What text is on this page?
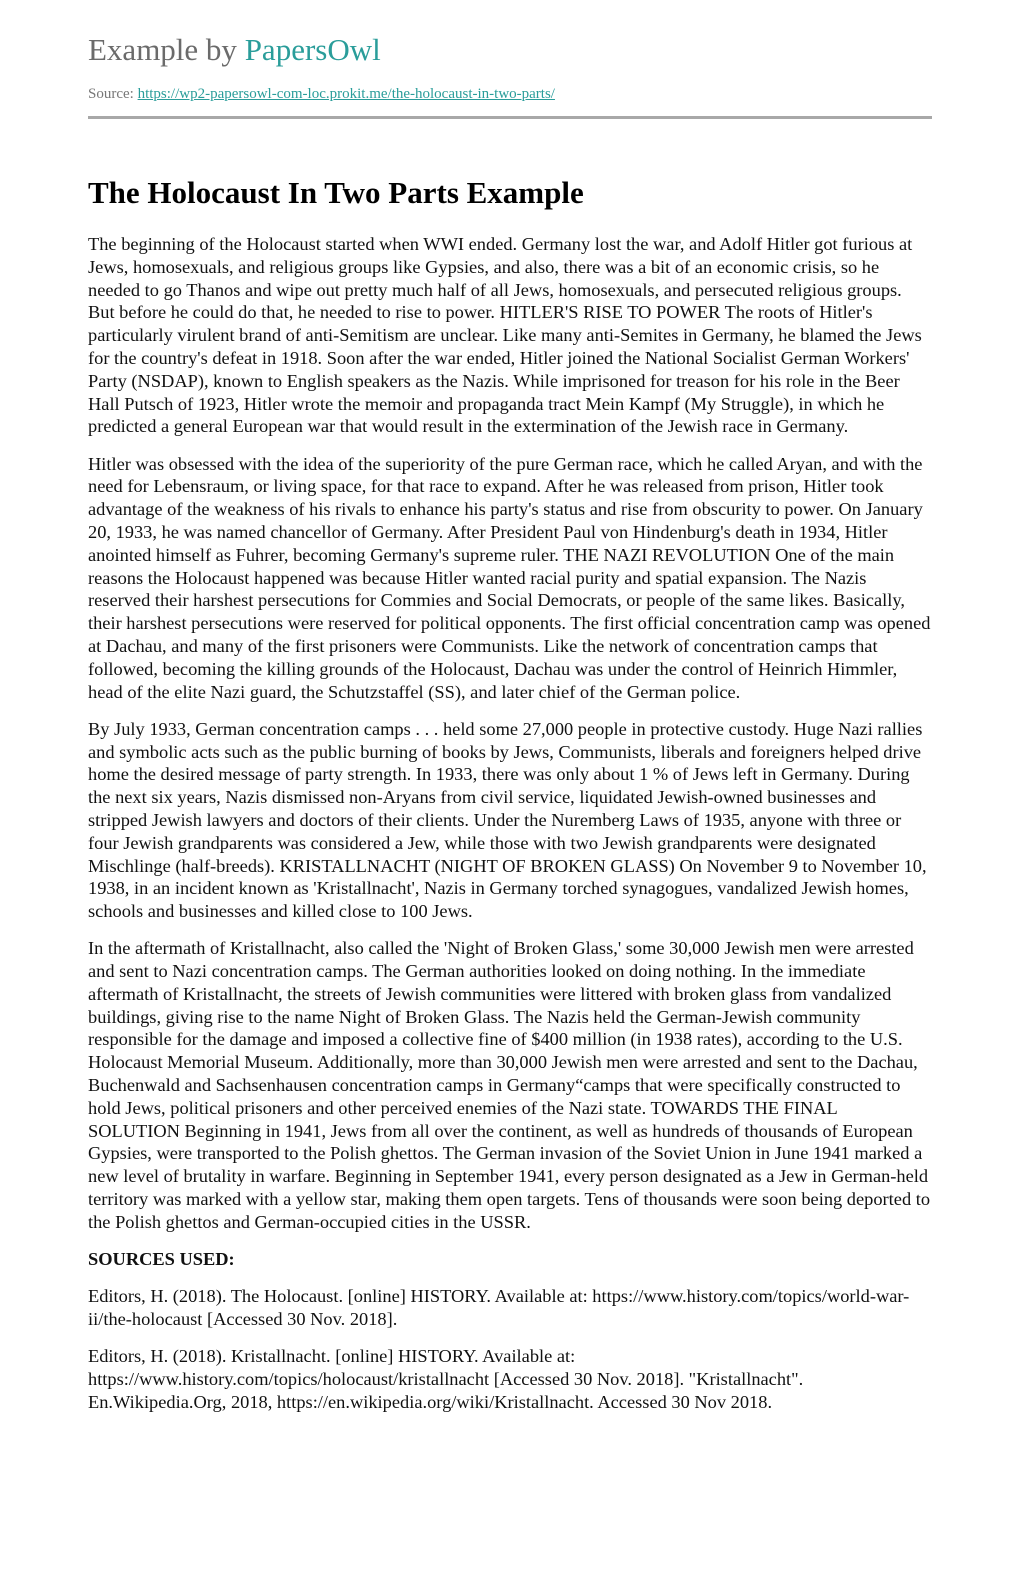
Example by PapersOwl
Source: https://wp2-papersowl-com-loc.prokit.me/the-holocaust-in-two-parts/
The Holocaust In Two Parts Example

The beginning of the Holocaust started when WWI ended. Germany lost the war, and Adolf Hitler got furious at Jews, homosexuals, and religious groups like Gypsies, and also, there was a bit of an economic crisis, so he needed to go Thanos and wipe out pretty much half of all Jews, homosexuals, and persecuted religious groups. But before he could do that, he needed to rise to power. HITLER'S RISE TO POWER The roots of Hitler's particularly virulent brand of anti-Semitism are unclear. Like many anti-Semites in Germany, he blamed the Jews for the country's defeat in 1918. Soon after the war ended, Hitler joined the National Socialist German Workers' Party (NSDAP), known to English speakers as the Nazis. While imprisoned for treason for his role in the Beer Hall Putsch of 1923, Hitler wrote the memoir and propaganda tract Mein Kampf (My Struggle), in which he predicted a general European war that would result in the extermination of the Jewish race in Germany.

Hitler was obsessed with the idea of the superiority of the pure German race, which he called Aryan, and with the need for Lebensraum, or living space, for that race to expand. After he was released from prison, Hitler took advantage of the weakness of his rivals to enhance his party's status and rise from obscurity to power. On January 20, 1933, he was named chancellor of Germany. After President Paul von Hindenburg's death in 1934, Hitler anointed himself as Fuhrer, becoming Germany's supreme ruler. THE NAZI REVOLUTION One of the main reasons the Holocaust happened was because Hitler wanted racial purity and spatial expansion. The Nazis reserved their harshest persecutions for Commies and Social Democrats, or people of the same likes. Basically, their harshest persecutions were reserved for political opponents. The first official concentration camp was opened at Dachau, and many of the first prisoners were Communists. Like the network of concentration camps that followed, becoming the killing grounds of the Holocaust, Dachau was under the control of Heinrich Himmler, head of the elite Nazi guard, the Schutzstaffel (SS), and later chief of the German police.

By July 1933, German concentration camps . . . held some 27,000 people in protective custody. Huge Nazi rallies and symbolic acts such as the public burning of books by Jews, Communists, liberals and foreigners helped drive home the desired message of party strength. In 1933, there was only about 1 % of Jews left in Germany. During the next six years, Nazis dismissed non-Aryans from civil service, liquidated Jewish-owned businesses and stripped Jewish lawyers and doctors of their clients. Under the Nuremberg Laws of 1935, anyone with three or four Jewish grandparents was considered a Jew, while those with two Jewish grandparents were designated Mischlinge (half-breeds). KRISTALLNACHT (NIGHT OF BROKEN GLASS) On November 9 to November 10, 1938, in an incident known as 'Kristallnacht', Nazis in Germany torched synagogues, vandalized Jewish homes, schools and businesses and killed close to 100 Jews.

In the aftermath of Kristallnacht, also called the 'Night of Broken Glass,' some 30,000 Jewish men were arrested and sent to Nazi concentration camps. The German authorities looked on doing nothing. In the immediate aftermath of Kristallnacht, the streets of Jewish communities were littered with broken glass from vandalized buildings, giving rise to the name Night of Broken Glass. The Nazis held the German-Jewish community responsible for the damage and imposed a collective fine of $400 million (in 1938 rates), according to the U.S. Holocaust Memorial Museum. Additionally, more than 30,000 Jewish men were arrested and sent to the Dachau, Buchenwald and Sachsenhausen concentration camps in Germany“camps that were specifically constructed to hold Jews, political prisoners and other perceived enemies of the Nazi state. TOWARDS THE FINAL SOLUTION Beginning in 1941, Jews from all over the continent, as well as hundreds of thousands of European Gypsies, were transported to the Polish ghettos. The German invasion of the Soviet Union in June 1941 marked a new level of brutality in warfare. Beginning in September 1941, every person designated as a Jew in German-held territory was marked with a yellow star, making them open targets. Tens of thousands were soon being deported to the Polish ghettos and German-occupied cities in the USSR.

SOURCES USED:

Editors, H. (2018). The Holocaust. [online] HISTORY. Available at: https://www.history.com/topics/world-war-ii/the-holocaust [Accessed 30 Nov. 2018].

Editors, H. (2018). Kristallnacht. [online] HISTORY. Available at: https://www.history.com/topics/holocaust/kristallnacht [Accessed 30 Nov. 2018]. "Kristallnacht". En.Wikipedia.Org, 2018, https://en.wikipedia.org/wiki/Kristallnacht. Accessed 30 Nov 2018.
